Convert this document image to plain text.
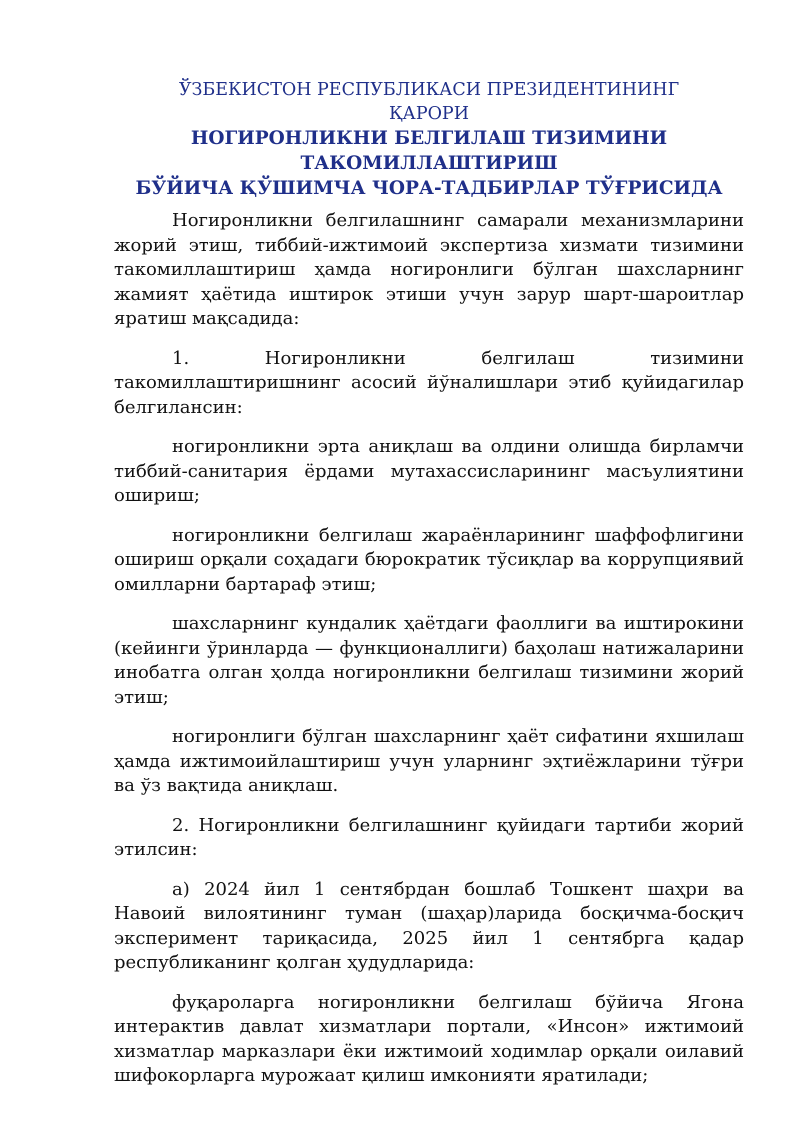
ЎЗБЕКИСТОН РЕСПУБЛИКАСИ ПРЕЗИДЕНТИНИНГ
ҚАРОРИ
НОГИРОНЛИКНИ БЕЛГИЛАШ ТИЗИМИНИ ТАКОМИЛЛАШТИРИШ
БЎЙИЧА ҚЎШИМЧА ЧОРА-ТАДБИРЛАР ТЎҒРИСИДА

Ногиронликни белгилашнинг самарали механизмларини жорий этиш, тиббий-ижтимоий экспертиза хизмати тизимини такомиллаштириш ҳамда ногиронлиги бўлган шахсларнинг жамият ҳаётида иштирок этиши учун зарур шарт-шароитлар яратиш мақсадида:

1. Ногиронликни белгилаш тизимини такомиллаштиришнинг асосий йўналишлари этиб қуйидагилар белгилансин:

ногиронликни эрта аниқлаш ва олдини олишда бирламчи тиббий-санитария ёрдами мутахассисларининг масъулиятини ошириш;

ногиронликни белгилаш жараёнларининг шаффофлигини ошириш орқали соҳадаги бюрократик тўсиқлар ва коррупциявий омилларни бартараф этиш;

шахсларнинг кундалик ҳаётдаги фаоллиги ва иштирокини (кейинги ўринларда — функционаллиги) баҳолаш натижаларини инобатга олган ҳолда ногиронликни белгилаш тизимини жорий этиш;

ногиронлиги бўлган шахсларнинг ҳаёт сифатини яхшилаш ҳамда ижтимоийлаштириш учун уларнинг эҳтиёжларини тўғри ва ўз вақтида аниқлаш.

2. Ногиронликни белгилашнинг қуйидаги тартиби жорий этилсин:

а) 2024 йил 1 сентябрдан бошлаб Тошкент шаҳри ва Навоий вилоятининг туман (шаҳар)ларида босқичма-босқич эксперимент тариқасида, 2025 йил 1 сентябрга қадар республиканинг қолган ҳудудларида:

фуқароларга ногиронликни белгилаш бўйича Ягона интерактив давлат хизматлари портали, «Инсон» ижтимоий хизматлар марказлари ёки ижтимоий ходимлар орқали оилавий шифокорларга мурожаат қилиш имконияти яратилади;
